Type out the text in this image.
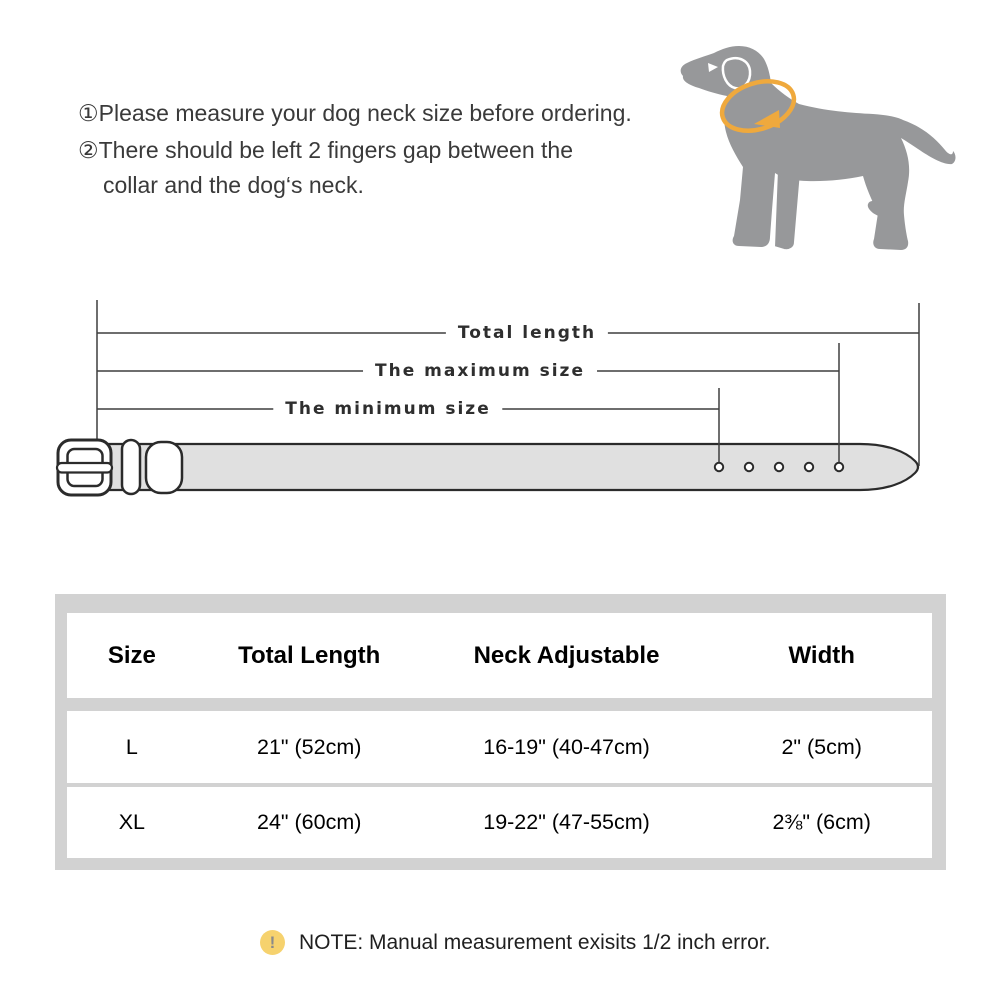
①Please measure your dog neck size before ordering.

②There should be left 2 fingers gap between the
collar and the dog‘s neck.

Total length
The maximum size
The minimum size
Size	Total Length	Neck Adjustable	Width
L	21" (52cm)	16-19" (40-47cm)	2" (5cm)
XL	24" (60cm)	19-22" (47-55cm)	2⅜" (6cm)
!	NOTE: Manual measurement exisits 1/2 inch error.
